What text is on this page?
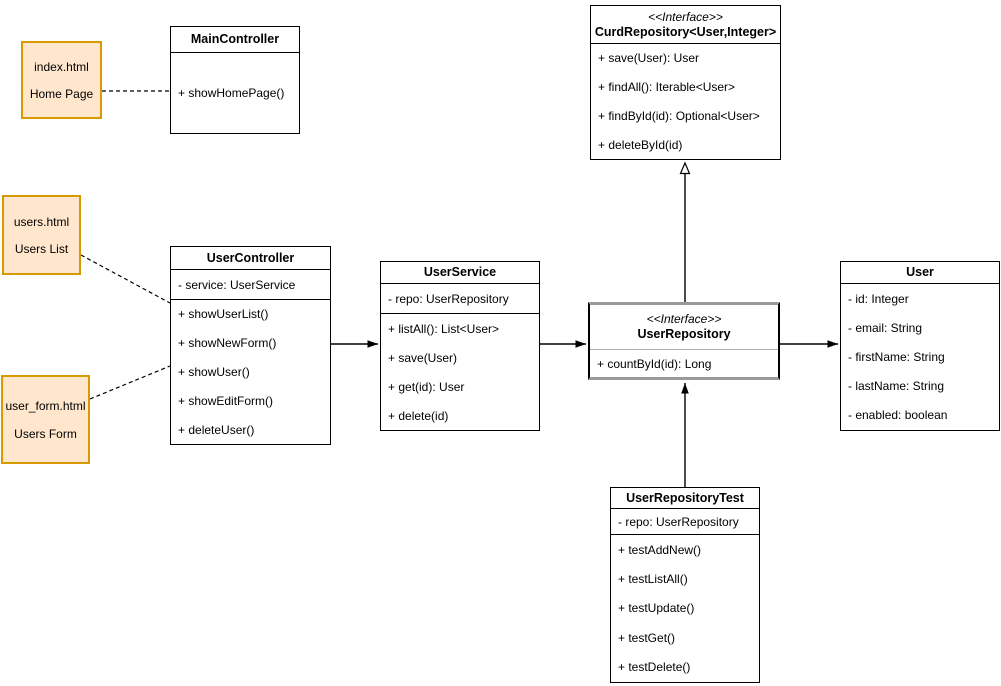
index.html
Home Page
users.html
Users List
user_form.html
Users Form
MainController
+ showHomePage()
UserController
- service: UserService
+ showUserList()
+ showNewForm()
+ showUser()
+ showEditForm()
+ deleteUser()
UserService
- repo: UserRepository
+ listAll(): List<User>
+ save(User)
+ get(id): User
+ delete(id)
<<Interface>>
CurdRepository<User,Integer>
+ save(User): User
+ findAll(): Iterable<User>
+ findById(id): Optional<User>
+ deleteById(id)
<<Interface>>
UserRepository
+ countById(id): Long
User
- id: Integer
- email: String
- firstName: String
- lastName: String
- enabled: boolean
UserRepositoryTest
- repo: UserRepository
+ testAddNew()
+ testListAll()
+ testUpdate()
+ testGet()
+ testDelete()
